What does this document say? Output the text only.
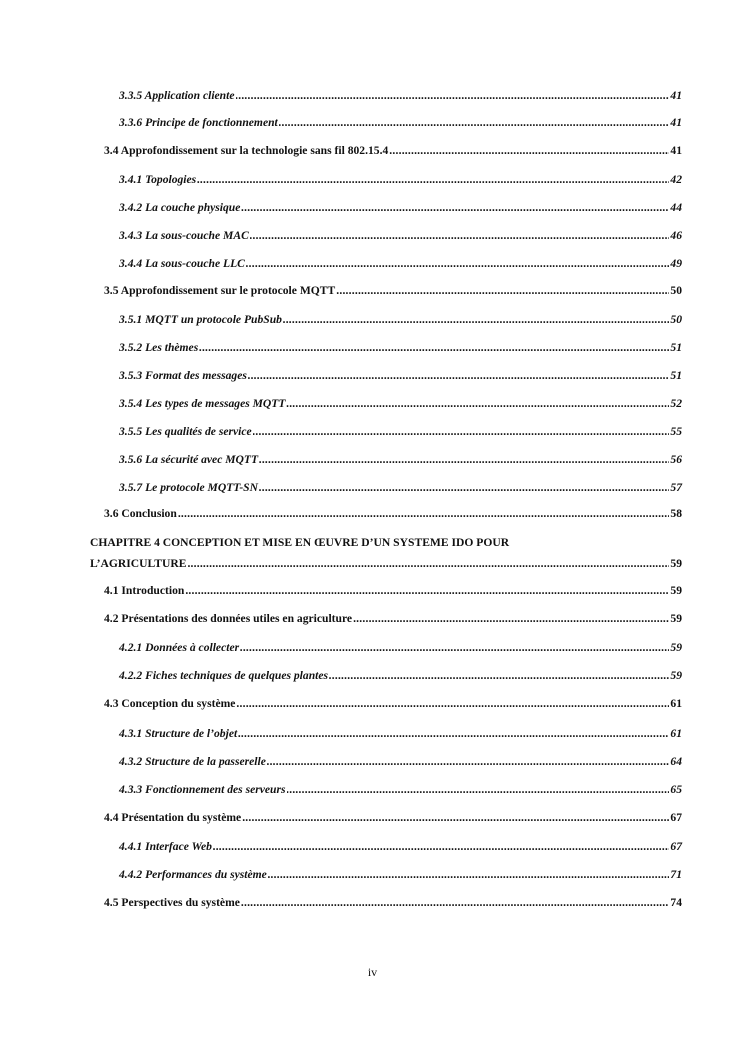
3.3.5 Application cliente .....	41
3.3.6 Principe de fonctionnement .....	41
3.4 Approfondissement sur la technologie sans fil 802.15.4 .....	41
3.4.1 Topologies .....	42
3.4.2 La couche physique .....	44
3.4.3 La sous-couche MAC .....	46
3.4.4 La sous-couche LLC .....	49
3.5 Approfondissement sur le protocole MQTT .....	50
3.5.1 MQTT un protocole PubSub .....	50
3.5.2 Les thèmes .....	51
3.5.3 Format des messages .....	51
3.5.4 Les types de messages MQTT .....	52
3.5.5 Les qualités de service .....	55
3.5.6 La sécurité avec MQTT .....	56
3.5.7 Le protocole MQTT-SN .....	57
3.6 Conclusion .....	58
CHAPITRE 4 CONCEPTION ET MISE EN ŒUVRE D’UN SYSTEME IDO POUR
L’AGRICULTURE .....	59
4.1 Introduction .....	59
4.2 Présentations des données utiles en agriculture .....	59
4.2.1 Données à collecter .....	59
4.2.2 Fiches techniques de quelques plantes .....	59
4.3 Conception du système .....	61
4.3.1 Structure de l’objet .....	61
4.3.2 Structure de la passerelle .....	64
4.3.3 Fonctionnement des serveurs .....	65
4.4 Présentation du système .....	67
4.4.1 Interface Web .....	67
4.4.2 Performances du système .....	71
4.5 Perspectives du système .....	74
iv
